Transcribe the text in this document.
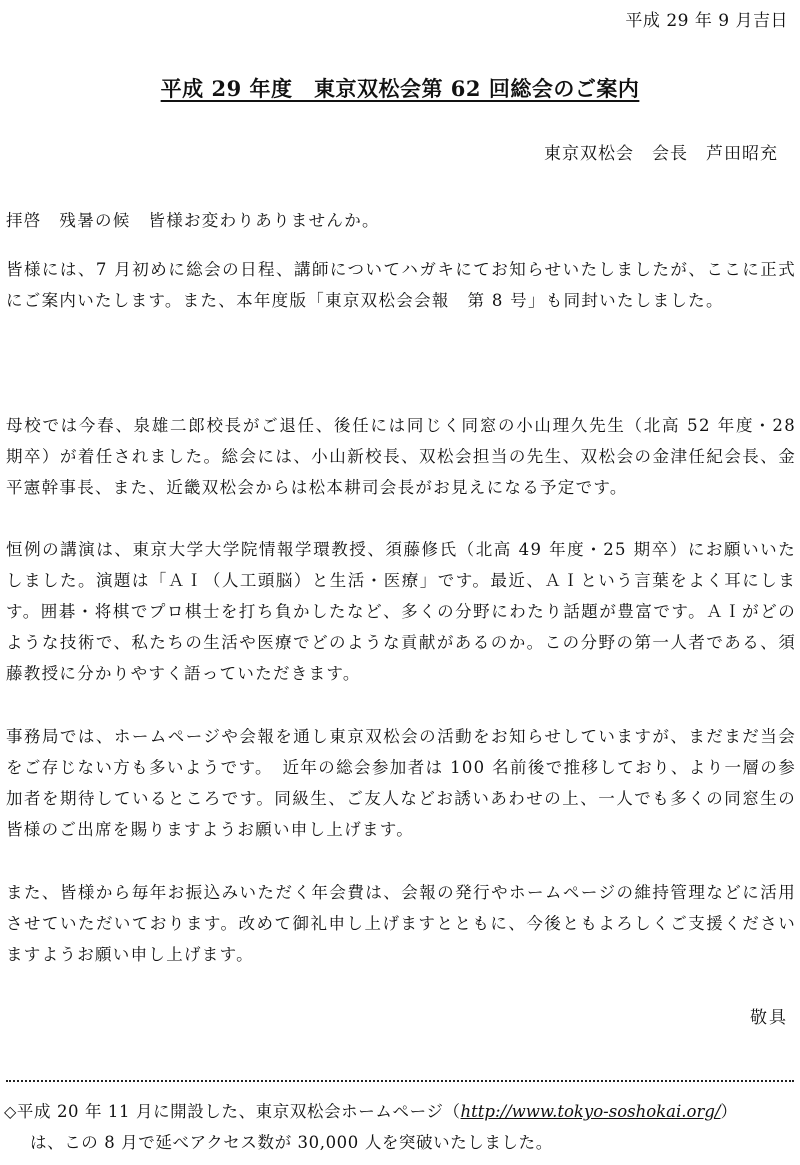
平成 29 年 9 月吉日
平成 29 年度　東京双松会第 62 回総会のご案内
東京双松会　会長　芦田昭充

拝啓　残暑の候　皆様お変わりありませんか。

皆様には、7 月初めに総会の日程、講師についてハガキにてお知らせいたしましたが、ここに正式にご案内いたします。また、本年度版「東京双松会会報　第 8 号」も同封いたしました。

母校では今春、泉雄二郎校長がご退任、後任には同じく同窓の小山理久先生（北高 52 年度・28 期卒）が着任されました。総会には、小山新校長、双松会担当の先生、双松会の金津任紀会長、金平憲幹事長、また、近畿双松会からは松本耕司会長がお見えになる予定です。

恒例の講演は、東京大学大学院情報学環教授、須藤修氏（北高 49 年度・25 期卒）にお願いいたしました。演題は「ＡＩ（人工頭脳）と生活・医療」です。最近、ＡＩという言葉をよく耳にします。囲碁・将棋でプロ棋士を打ち負かしたなど、多くの分野にわたり話題が豊富です。ＡＩがどのような技術で、私たちの生活や医療でどのような貢献があるのか。この分野の第一人者である、須藤教授に分かりやすく語っていただきます。

事務局では、ホームページや会報を通し東京双松会の活動をお知らせしていますが、まだまだ当会をご存じない方も多いようです。　近年の総会参加者は 100 名前後で推移しており、より一層の参加者を期待しているところです。同級生、ご友人などお誘いあわせの上、一人でも多くの同窓生の皆様のご出席を賜りますようお願い申し上げます。

また、皆様から毎年お振込みいただく年会費は、会報の発行やホームページの維持管理などに活用させていただいております。改めて御礼申し上げますとともに、今後ともよろしくご支援くださいますようお願い申し上げます。

敬具
◇平成 20 年 11 月に開設した、東京双松会ホームページ（http://www.tokyo-soshokai.org/）
は、この 8 月で延べアクセス数が 30,000 人を突破いたしました。
